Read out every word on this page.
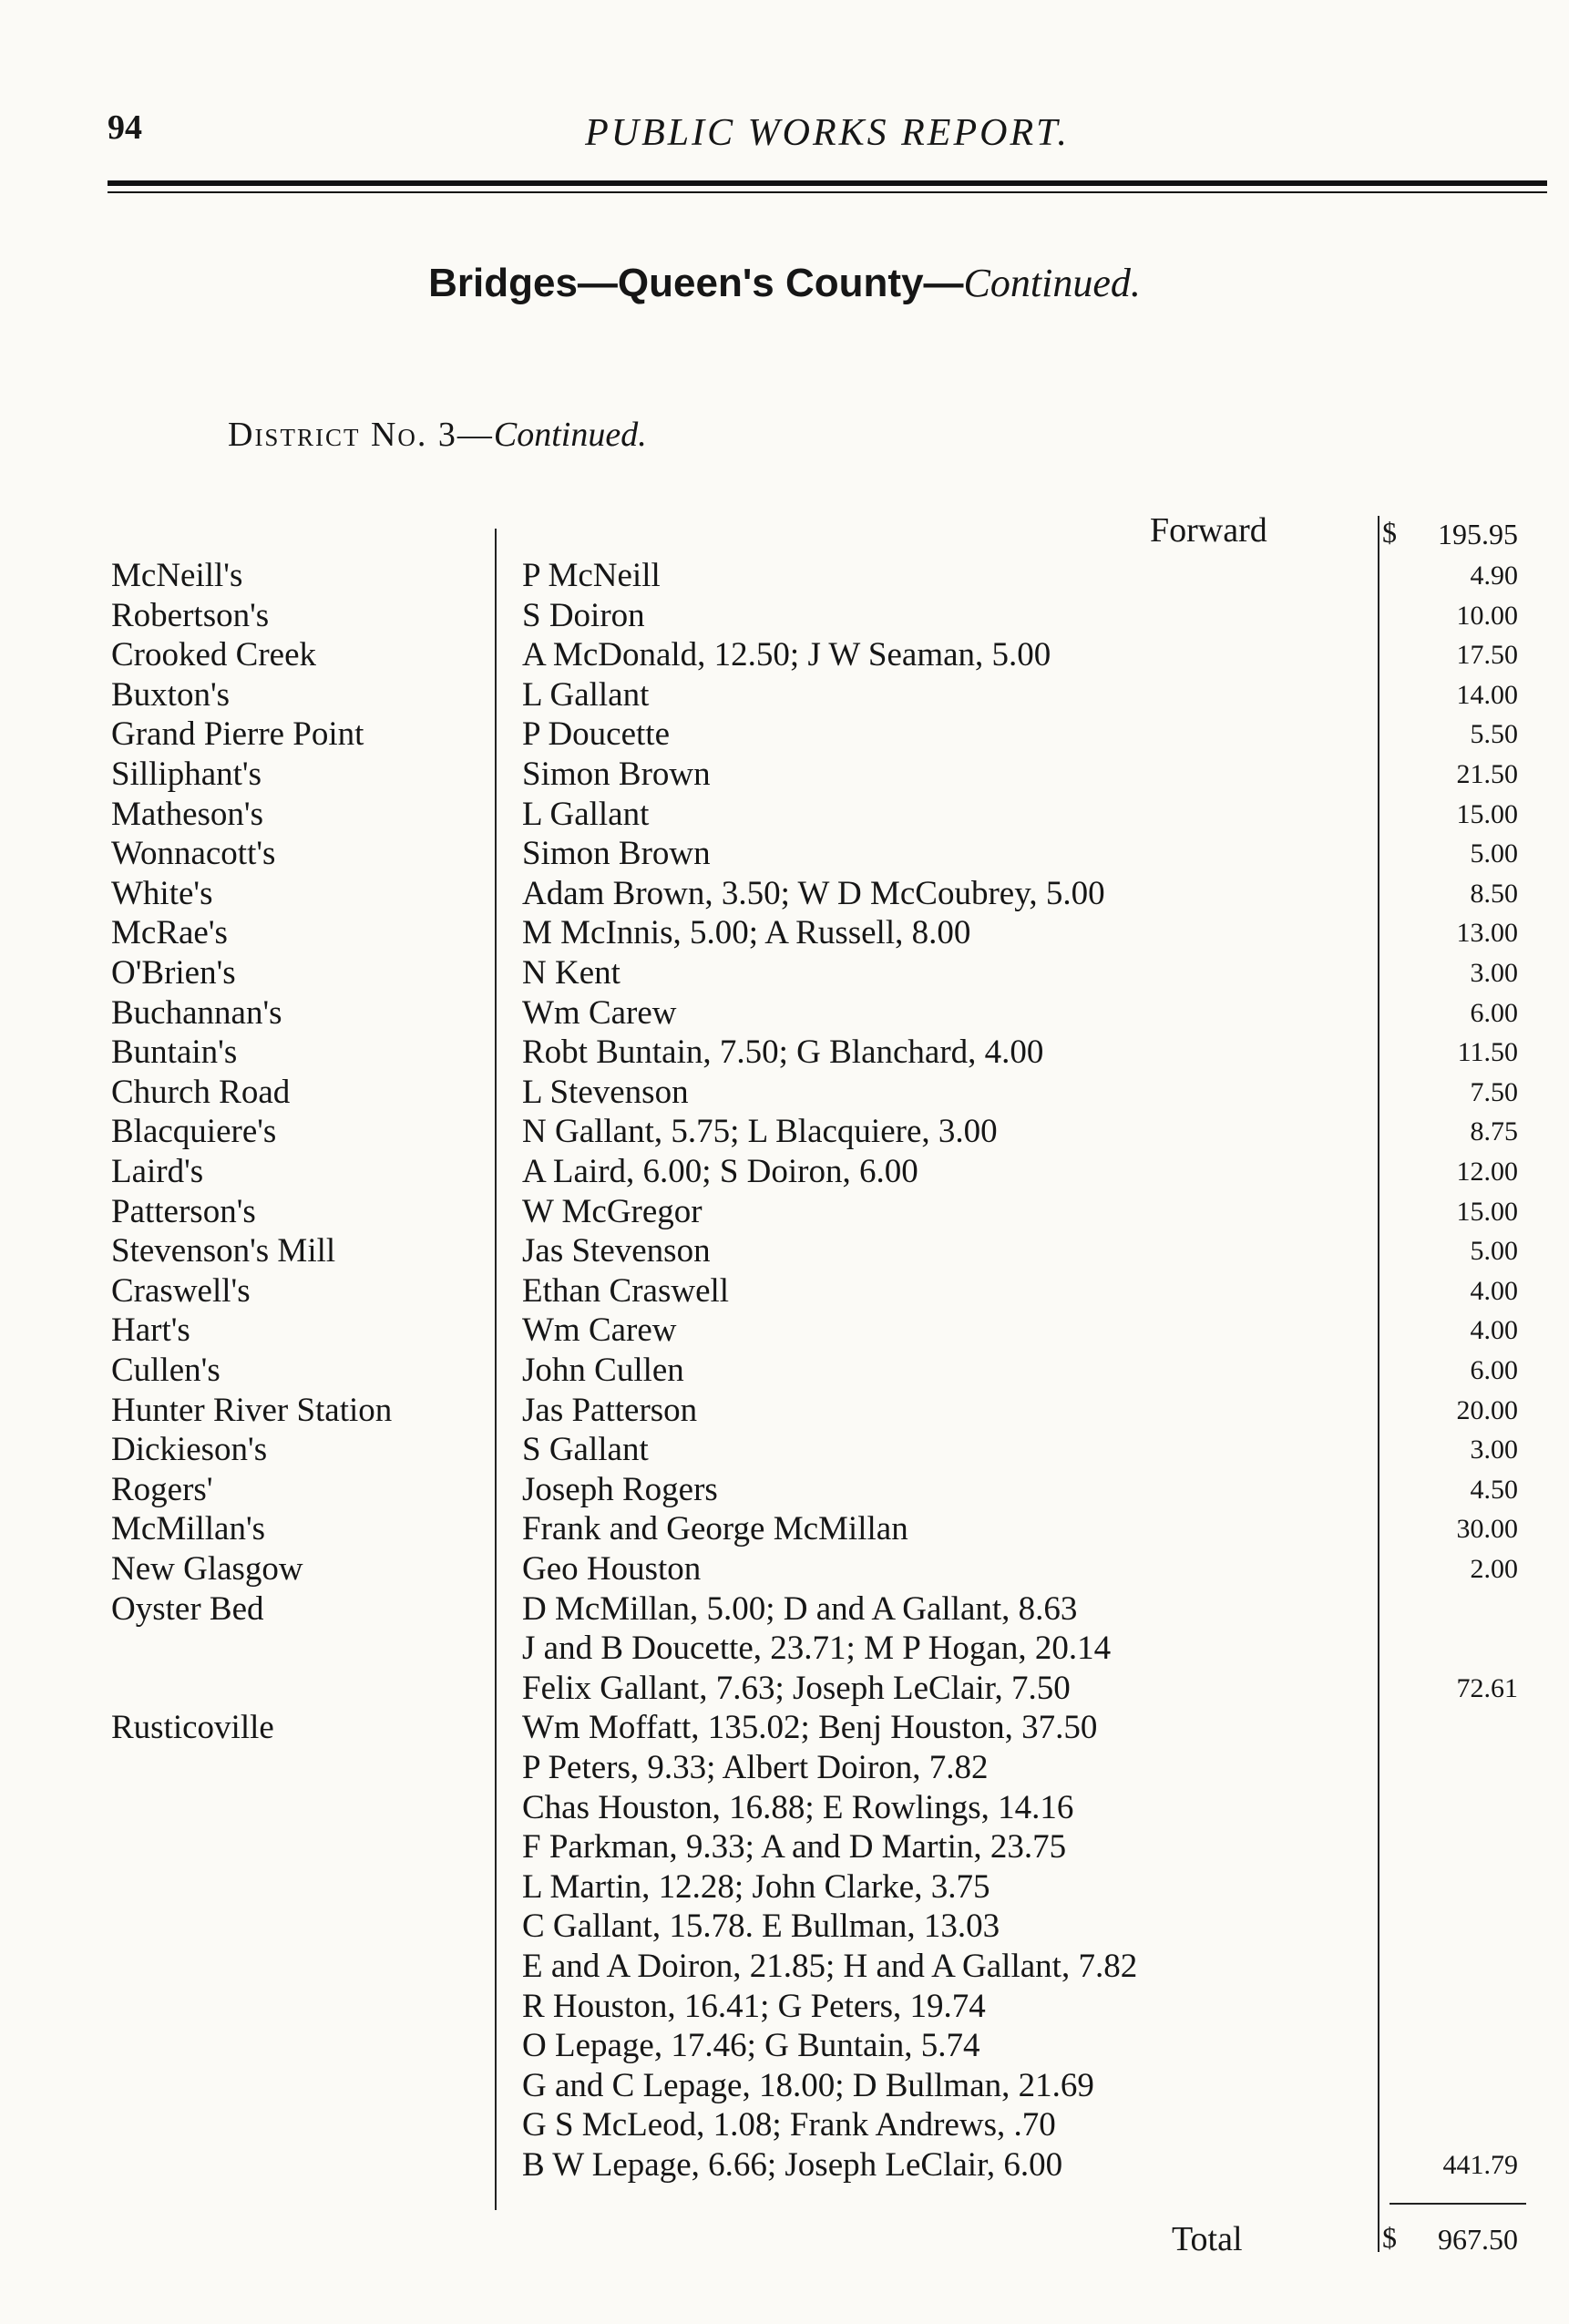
94	PUBLIC WORKS REPORT.
Bridges—Queen's County—Continued.
District No. 3—Continued.
Forward	$ 195.95
McNeill's	P McNeill	4.90
Robertson's	S Doiron	10.00
Crooked Creek	A McDonald, 12.50; J W Seaman, 5.00	17.50
Buxton's	L Gallant	14.00
Grand Pierre Point	P Doucette	5.50
Silliphant's	Simon Brown	21.50
Matheson's	L Gallant	15.00
Wonnacott's	Simon Brown	5.00
White's	Adam Brown, 3.50; W D McCoubrey, 5.00	8.50
McRae's	M McInnis, 5.00; A Russell, 8.00	13.00
O'Brien's	N Kent	3.00
Buchannan's	Wm Carew	6.00
Buntain's	Robt Buntain, 7.50; G Blanchard, 4.00	11.50
Church Road	L Stevenson	7.50
Blacquiere's	N Gallant, 5.75; L Blacquiere, 3.00	8.75
Laird's	A Laird, 6.00; S Doiron, 6.00	12.00
Patterson's	W McGregor	15.00
Stevenson's Mill	Jas Stevenson	5.00
Craswell's	Ethan Craswell	4.00
Hart's	Wm Carew	4.00
Cullen's	John Cullen	6.00
Hunter River Station	Jas Patterson	20.00
Dickieson's	S Gallant	3.00
Rogers'	Joseph Rogers	4.50
McMillan's	Frank and George McMillan	30.00
New Glasgow	Geo Houston	2.00
Oyster Bed	D McMillan, 5.00; D and A Gallant, 8.63
J and B Doucette, 23.71; M P Hogan, 20.14
Felix Gallant, 7.63; Joseph LeClair, 7.50	72.61
Rusticoville	Wm Moffatt, 135.02; Benj Houston, 37.50
P Peters, 9.33; Albert Doiron, 7.82
Chas Houston, 16.88; E Rowlings, 14.16
F Parkman, 9.33; A and D Martin, 23.75
L Martin, 12.28; John Clarke, 3.75
C Gallant, 15.78. E Bullman, 13.03
E and A Doiron, 21.85; H and A Gallant, 7.82
R Houston, 16.41; G Peters, 19.74
O Lepage, 17.46; G Buntain, 5.74
G and C Lepage, 18.00; D Bullman, 21.69
G S McLeod, 1.08; Frank Andrews, .70
B W Lepage, 6.66; Joseph LeClair, 6.00	441.79
Total	$ 967.50
